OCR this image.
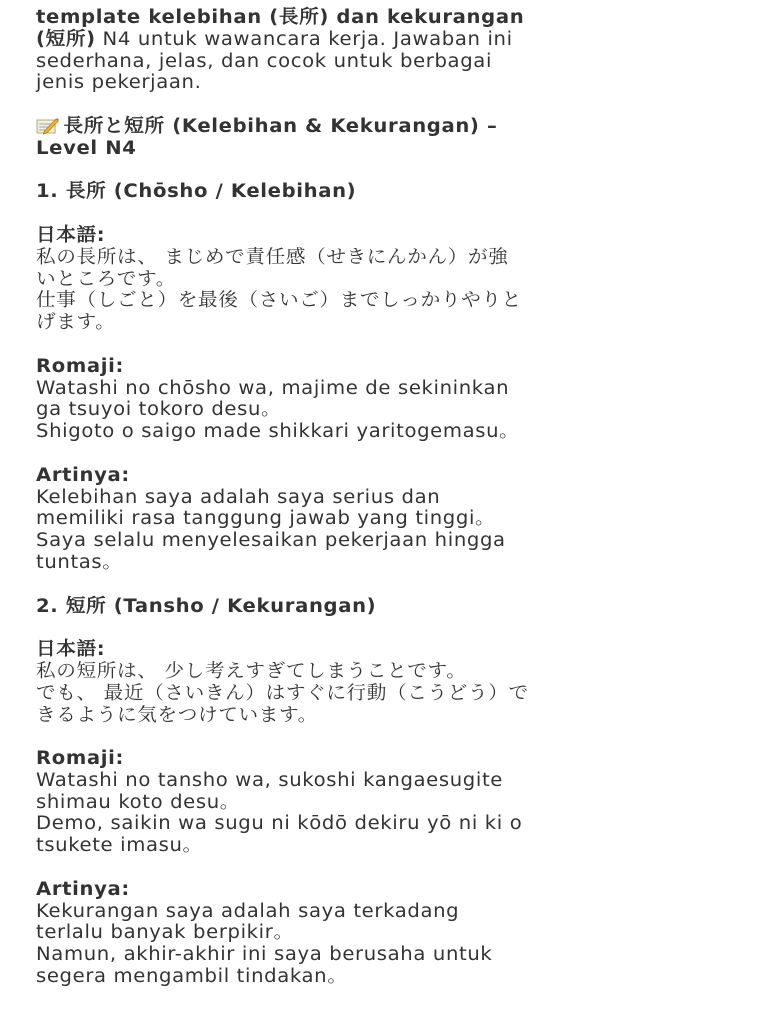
template kelebihan (長所) dan kekurangan
(短所) N4 untuk wawancara kerja. Jawaban ini
sederhana, jelas, dan cocok untuk berbagai
jenis pekerjaan.
長所と短所 (Kelebihan & Kekurangan) –
Level N4
1. 長所 (Chōsho / Kelebihan)
日本語:
私の長所は、 まじめで責任感（せきにんかん）が強
いところです。
仕事（しごと）を最後（さいご）までしっかりやりと
げます。
Romaji:
Watashi no chōsho wa, majime de sekininkan
ga tsuyoi tokoro desu。
Shigoto o saigo made shikkari yaritogemasu。
Artinya:
Kelebihan saya adalah saya serius dan
memiliki rasa tanggung jawab yang tinggi。
Saya selalu menyelesaikan pekerjaan hingga
tuntas。
2. 短所 (Tansho / Kekurangan)
日本語:
私の短所は、 少し考えすぎてしまうことです。
でも、 最近（さいきん）はすぐに行動（こうどう）で
きるように気をつけています。
Romaji:
Watashi no tansho wa, sukoshi kangaesugite
shimau koto desu。
Demo, saikin wa sugu ni kōdō dekiru yō ni ki o
tsukete imasu。
Artinya:
Kekurangan saya adalah saya terkadang
terlalu banyak berpikir。
Namun, akhir-akhir ini saya berusaha untuk
segera mengambil tindakan。
